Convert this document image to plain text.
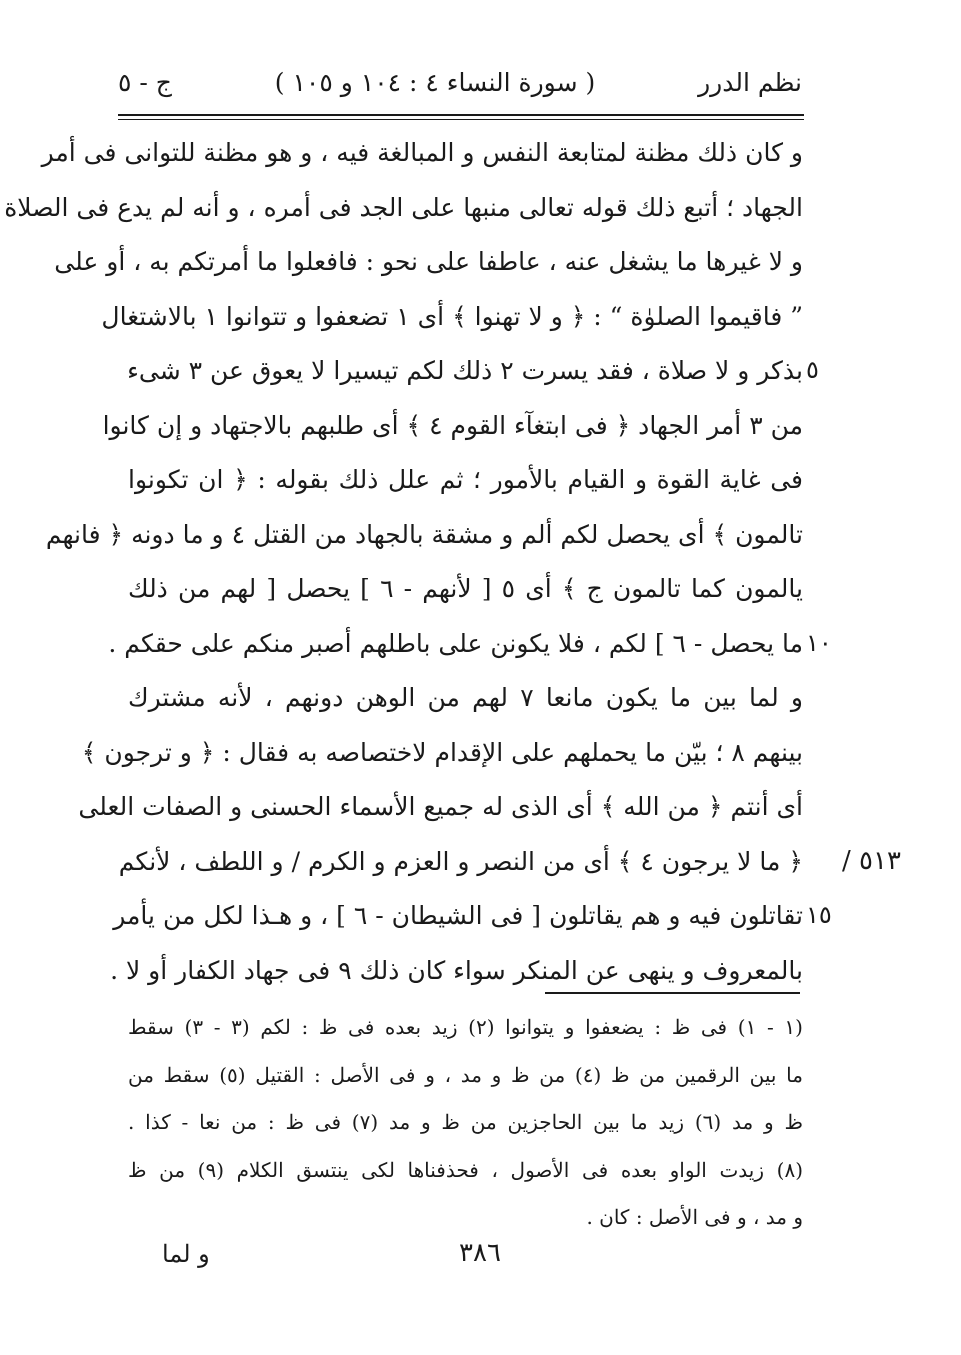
نظم الدرر
( سورة النساء ٤ : ١٠٤ و ١٠٥ )
ج - ٥
و كان ذلك مظنة لمتابعة النفس و المبالغة فيه ، و هو مظنة للتوانى فى أمر
الجهاد ؛ أتبع ذلك قوله تعالى منبها على الجد فى أمره ، و أنه لم يدع فى الصلاة
و لا غيرها ما يشغل عنه ، عاطفا على نحو : فافعلوا ما أمرتكم به ، أو على
” فاقيموا الصلوٰة “ : ﴿ و لا تهنوا ﴾ أى ١ تضعفوا و تتوانوا ١ بالاشتغال
بذكر و لا صلاة ، فقد يسرت ٢ ذلك لكم تيسيرا لا يعوق عن ٣ شىء
من ٣ أمر الجهاد ﴿ فى ابتغآء القوم ٤ ﴾ أى طلبهم بالاجتهاد و إن كانوا
فى غاية القوة و القيام بالأمور ؛ ثم علل ذلك بقوله : ﴿ ان تكونوا
تالمون ﴾ أى يحصل لكم ألم و مشقة بالجهاد من القتل ٤ و ما دونه ﴿ فانهم
يالمون كما تالمون ج ﴾ أى ٥ [ لأنهم - ٦ ] يحصل [ لهم من ذلك
ما يحصل - ٦ ] لكم ، فلا يكونن على باطلهم أصبر منكم على حقكم .
و لما بين ما يكون مانعا ٧ لهم من الوهن دونهم ، لأنه مشترك
بينهم ٨ ؛ بيّن ما يحملهم على الإقدام لاختصاصه به فقال : ﴿ و ترجون ﴾
أى أنتم ﴿ من الله ﴾ أى الذى له جميع الأسماء الحسنى و الصفات العلى
﴿ ما لا يرجون ٤ ﴾ أى من النصر و العزم و الكرم / و اللطف ، لأنكم
تقاتلون فيه و هم يقاتلون [ فى الشيطان - ٦ ] ، و هـذا لكل من يأمر
بالمعروف و ينهى عن المنكر سواء كان ذلك ٩ فى جهاد الكفار أو لا .
٥
١٠
١٥
٥١٣ /
(١ - ١) فى ظ : يضعفوا و يتوانوا (٢) زيد بعده فى ظ : لكم (٣ - ٣) سقط
ما بين الرقمين من ظ (٤) من ظ و مد ، و فى الأصل : القتيل (٥) سقط من
ظ و مد (٦) زيد ما بين الحاجزين من ظ و مد (٧) فى ظ : من نعا - كذا .
(٨) زيدت الواو بعده فى الأصول ، فحذفناها لكى ينتسق الكلام (٩) من ظ
و مد ، و فى الأصل : كان .
٣٨٦
و لما
